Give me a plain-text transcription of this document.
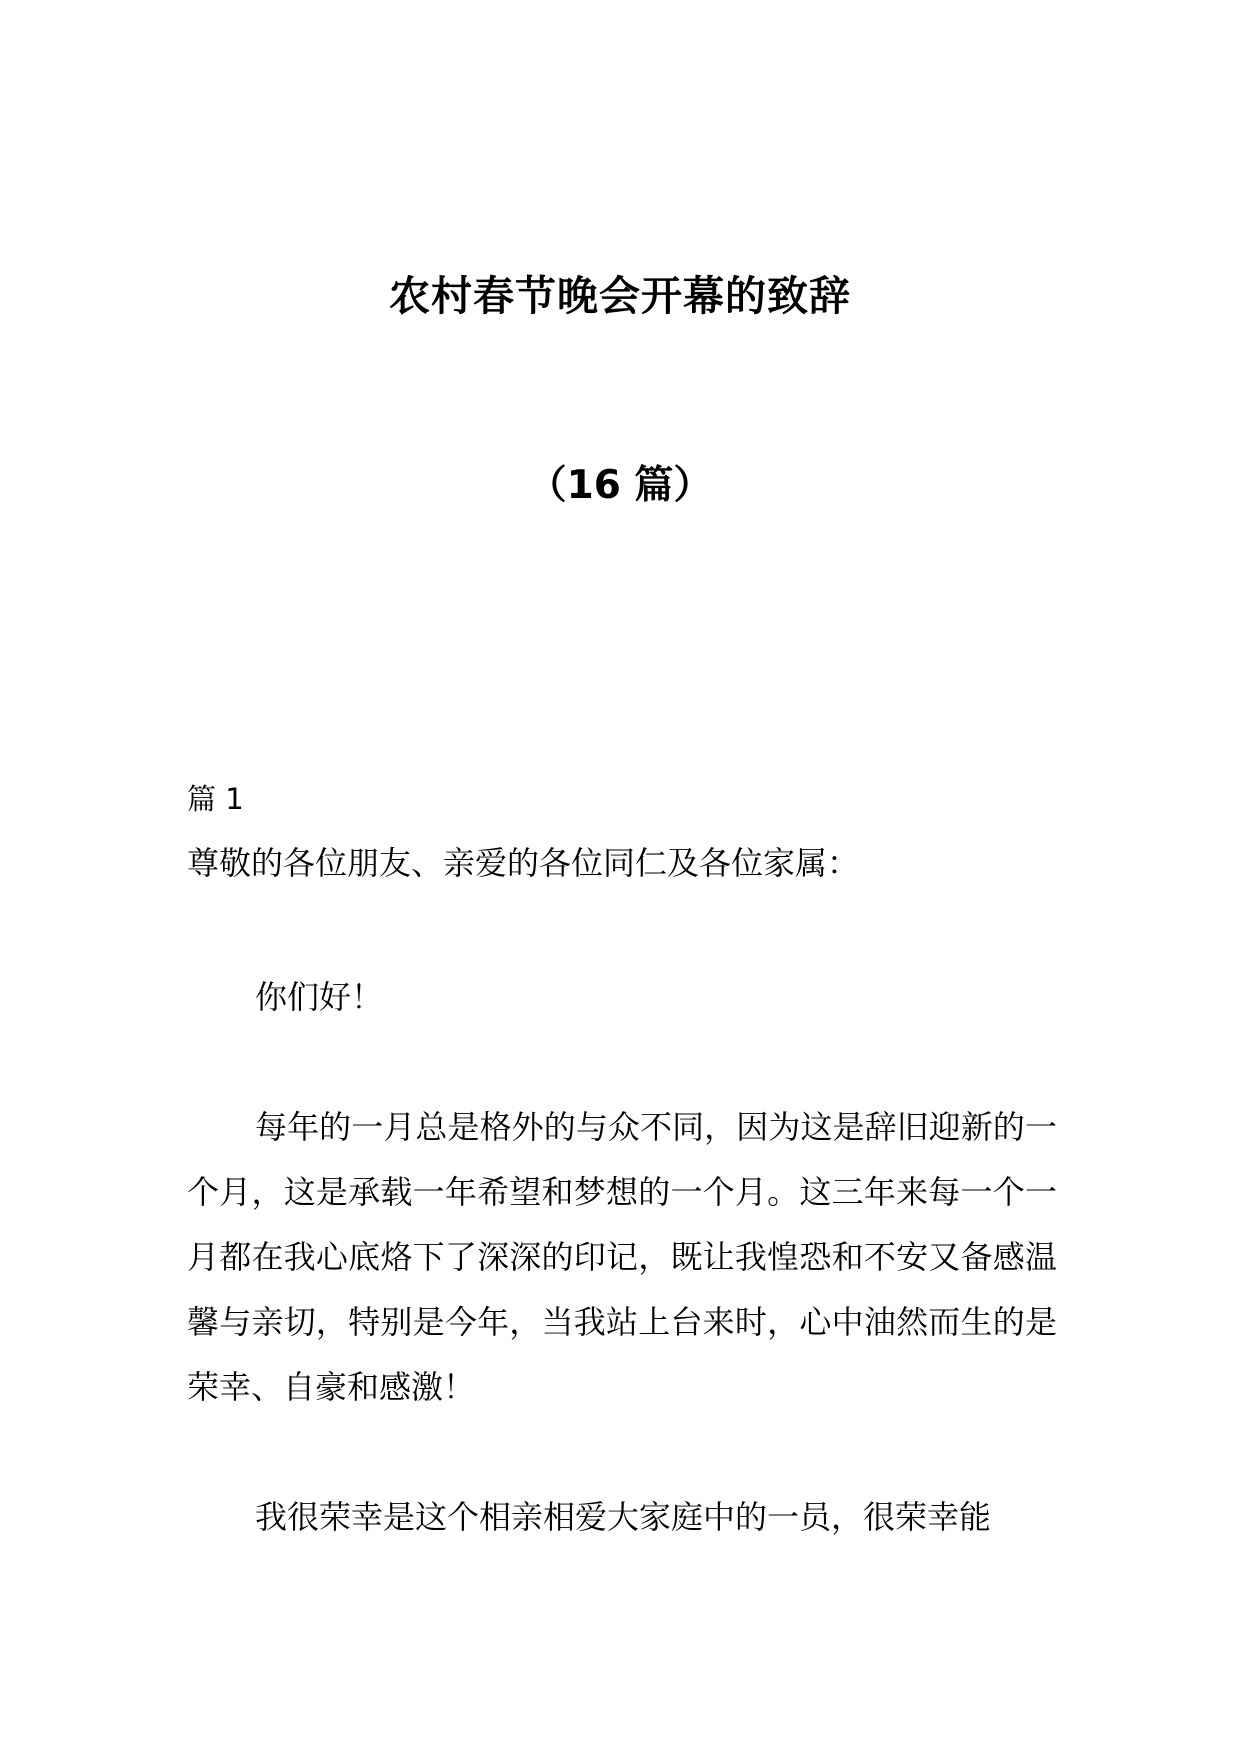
农村春节晚会开幕的致辞
（16 篇）
篇 1
尊敬的各位朋友、亲爱的各位同仁及各位家属：

你们好！

每年的一月总是格外的与众不同，因为这是辞旧迎新的一个月，这是承载一年希望和梦想的一个月。这三年来每一个一月都在我心底烙下了深深的印记，既让我惶恐和不安又备感温馨与亲切，特别是今年，当我站上台来时，心中油然而生的是荣幸、自豪和感激！

我很荣幸是这个相亲相爱大家庭中的一员，很荣幸能
